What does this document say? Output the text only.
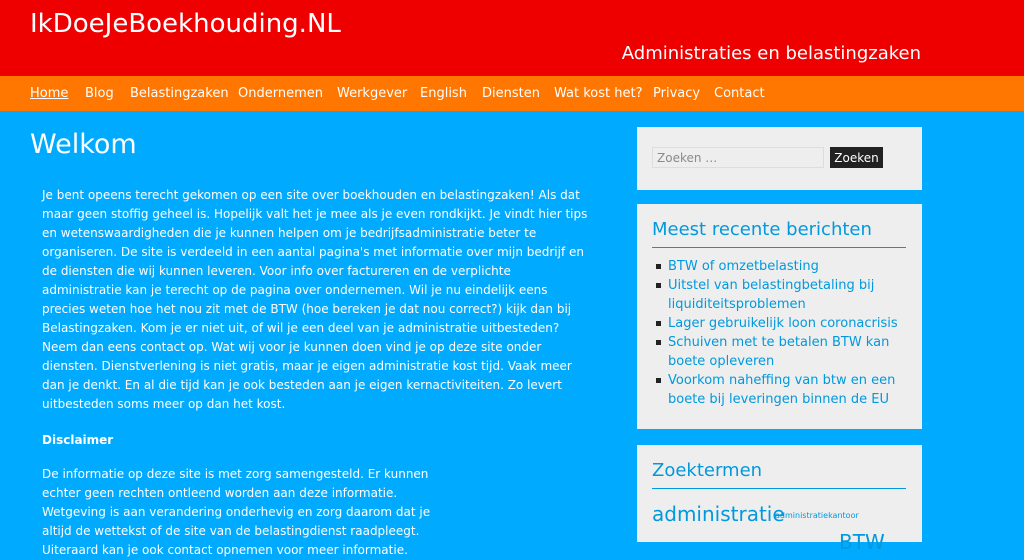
IkDoeJeBoekhouding.NL
Administraties en belastingzaken
Home Blog Belastingzaken Ondernemen Werkgever English Diensten Wat kost het? Privacy Contact
Welkom

Je bent opeens terecht gekomen op een site over boekhouden en belastingzaken! Als dat maar geen stoffig geheel is. Hopelijk valt het je mee als je even rondkijkt. Je vindt hier tips en wetenswaardigheden die je kunnen helpen om je bedrijfsadministratie beter te organiseren. De site is verdeeld in een aantal pagina's met informatie over mijn bedrijf en de diensten die wij kunnen leveren. Voor info over factureren en de verplichte administratie kan je terecht op de pagina over ondernemen. Wil je nu eindelijk eens precies weten hoe het nou zit met de BTW (hoe bereken je dat nou correct?) kijk dan bij Belastingzaken. Kom je er niet uit, of wil je een deel van je administratie uitbesteden? Neem dan eens contact op. Wat wij voor je kunnen doen vind je op deze site onder diensten. Dienstverlening is niet gratis, maar je eigen administratie kost tijd. Vaak meer dan je denkt. En al die tijd kan je ook besteden aan je eigen kernactiviteiten. Zo levert uitbesteden soms meer op dan het kost.

Disclaimer

De informatie op deze site is met zorg samengesteld. Er kunnen echter geen rechten ontleend worden aan deze informatie. Wetgeving is aan verandering onderhevig en zorg daarom dat je altijd de wettekst of de site van de belastingdienst raadpleegt. Uiteraard kan je ook contact opnemen voor meer informatie.

Zoeken …
Zoeken
Meest recente berichten
BTW of omzetbelasting
Uitstel van belastingbetaling bij liquiditeitsproblemen
Lager gebruikelijk loon coronacrisis
Schuiven met te betalen BTW kan boete opleveren
Voorkom naheffing van btw en een boete bij leveringen binnen de EU
Zoektermen
administratie
administratiekantoor
BTW
